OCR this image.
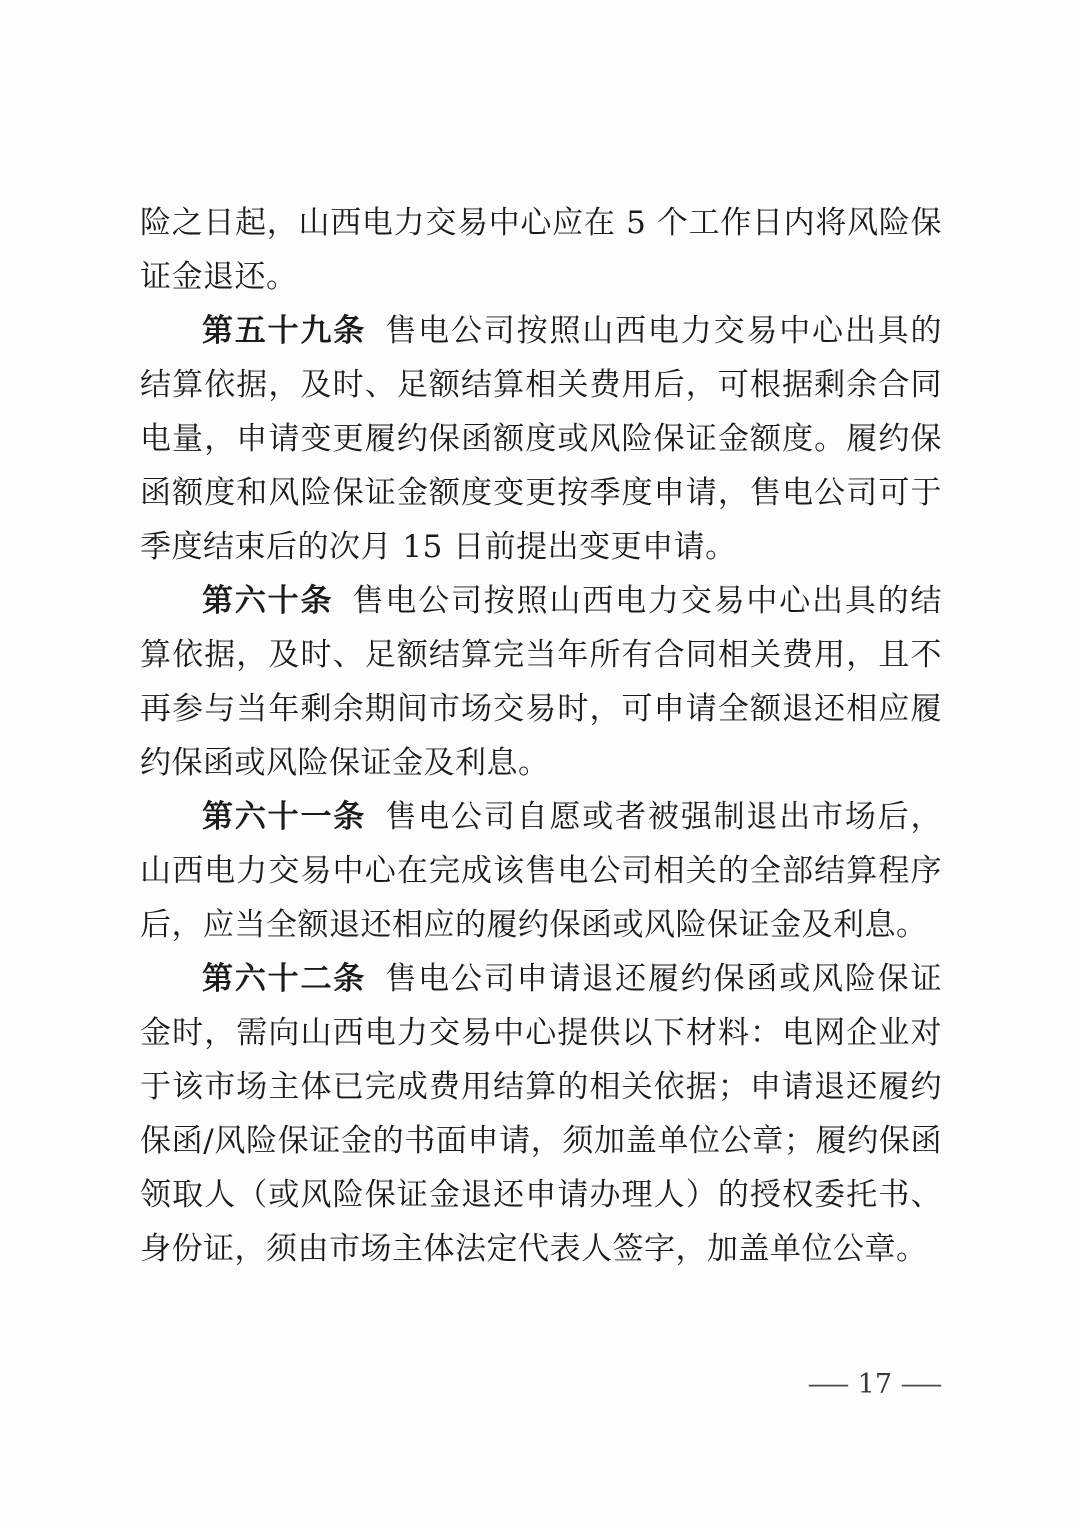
险之日起，山西电力交易中心应在 5 个工作日内将风险保证金退还。

第五十九条 售电公司按照山西电力交易中心出具的结算依据，及时、足额结算相关费用后，可根据剩余合同电量，申请变更履约保函额度或风险保证金额度。履约保函额度和风险保证金额度变更按季度申请，售电公司可于季度结束后的次月 15 日前提出变更申请。

第六十条 售电公司按照山西电力交易中心出具的结算依据，及时、足额结算完当年所有合同相关费用，且不再参与当年剩余期间市场交易时，可申请全额退还相应履约保函或风险保证金及利息。

第六十一条 售电公司自愿或者被强制退出市场后，山西电力交易中心在完成该售电公司相关的全部结算程序后，应当全额退还相应的履约保函或风险保证金及利息。

第六十二条 售电公司申请退还履约保函或风险保证金时，需向山西电力交易中心提供以下材料：电网企业对于该市场主体已完成费用结算的相关依据；申请退还履约保函/风险保证金的书面申请，须加盖单位公章；履约保函领取人（或风险保证金退还申请办理人）的授权委托书、身份证，须由市场主体法定代表人签字，加盖单位公章。

— 17 —
